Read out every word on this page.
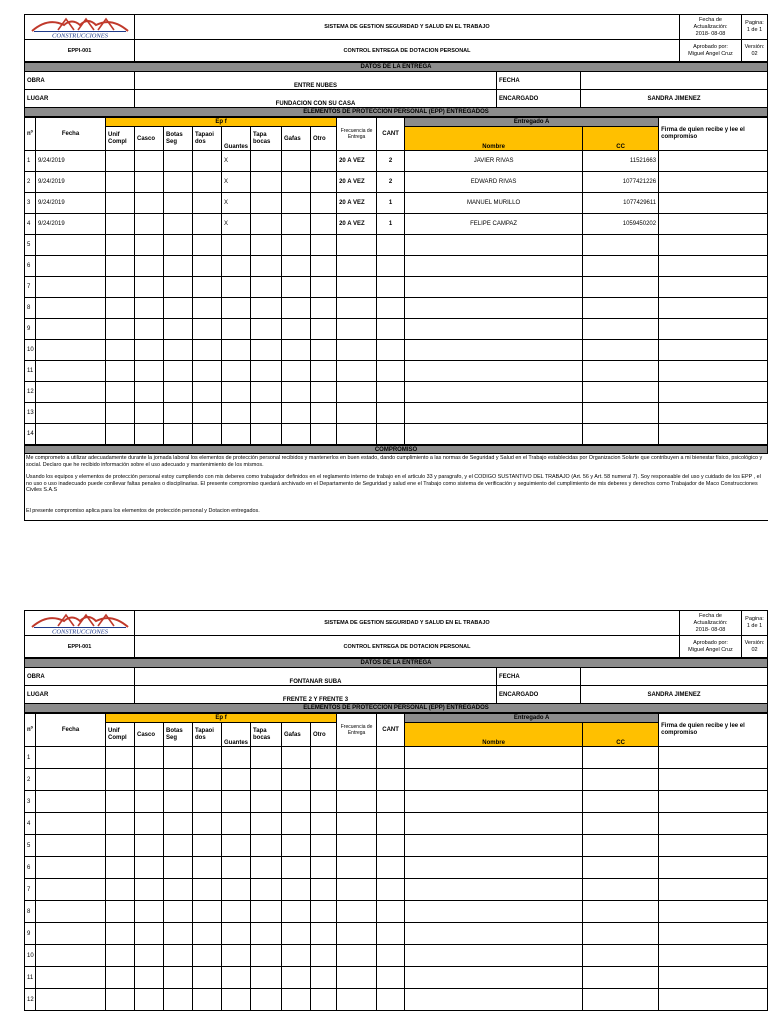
CONSTRUCCIONES	SISTEMA DE GESTION SEGURIDAD Y SALUD EN EL TRABAJO	Fecha de Actualización:
2018- 08-08	Pagina:
1 de 1
EPPI-001	CONTROL ENTREGA DE DOTACION PERSONAL	Aprobado por:
Miguel Angel Cruz	Versión:
02
DATOS DE LA ENTREGA			
OBRA	ENTRE NUBES	FECHA	
LUGAR	FUNDACION CON SU CASA	ENCARGADO	SANDRA JIMENEZ
ELEMENTOS DE PROTECCION PERSONAL (EPP) ENTREGADOS			
nº	Fecha	Ep f								Frecuencia de Entrega	CANT	Entregado A		Firma de quien recibe y lee el compromiso
		Unif Compl	Casco	Botas Seg	Tapaoi dos	Guantes	Tapa bocas	Gafas	Otro			Nombre	CC	
1	9/24/2019					X				20 A VEZ	2	JAVIER RIVAS	11521663	
2	9/24/2019					X				20 A VEZ	2	EDWARD RIVAS	1077421226	
3	9/24/2019					X				20 A VEZ	1	MANUEL MURILLO	1077429611	
4	9/24/2019					X				20 A VEZ	1	FELIPE CAMPAZ	1059450202	
5														
6														
7														
8														
9														
10														
11														
12														
13														
14														
COMPROMISO

Me comprometo a utilizar adecuadamente durante la jornada laboral los elementos de protección personal recibidos y mantenerlos en buen estado, dando cumplimiento a las normas de Seguridad y Salud en el Trabajo establecidas por Organizacion Solarte que contribuyen a mi bienestar físico, psicológico y social. Declaro que he recibido información sobre el uso adecuado y mantenimiento de los mismos.

Usando los equipos y elementos de protección personal estoy cumpliendo con mis deberes como trabajador definidos en el reglamento interno de trabajo en el articulo 33 y paragrafo, y el CODIGO SUSTANTIVO DEL TRABAJO (Art. 56 y Art. 58 numeral 7). Soy responsable del uso y cuidado de los EPP , el no uso o uso inadecuado puede conllevar faltas penales o disciplinarias. El presente compromiso quedará archivado en el Departamento de Seguridad y salud ene el Trabajo como sistema de verificación y seguimiento del cumplimiento de mis deberes y derechos como Trabajador de Maco Construcciones Civiles S.A.S

El presente compromiso aplica para los elementos de protección personal y Dotacion entregados.

CONSTRUCCIONES	SISTEMA DE GESTION SEGURIDAD Y SALUD EN EL TRABAJO	Fecha de Actualización:
2018- 08-08	Pagina:
1 de 1
EPPI-001	CONTROL ENTREGA DE DOTACION PERSONAL	Aprobado por:
Miguel Angel Cruz	Versión:
02
DATOS DE LA ENTREGA			
OBRA	FONTANAR SUBA	FECHA	
LUGAR	FRENTE 2 Y FRENTE 3	ENCARGADO	SANDRA JIMENEZ
ELEMENTOS DE PROTECCION PERSONAL (EPP) ENTREGADOS			
nº	Fecha	Ep f								Frecuencia de Entrega	CANT	Entregado A		Firma de quien recibe y lee el compromiso
		Unif Compl	Casco	Botas Seg	Tapaoi dos	Guantes	Tapa bocas	Gafas	Otro			Nombre	CC	
1														
2														
3														
4														
5														
6														
7														
8														
9														
10														
11														
12														
